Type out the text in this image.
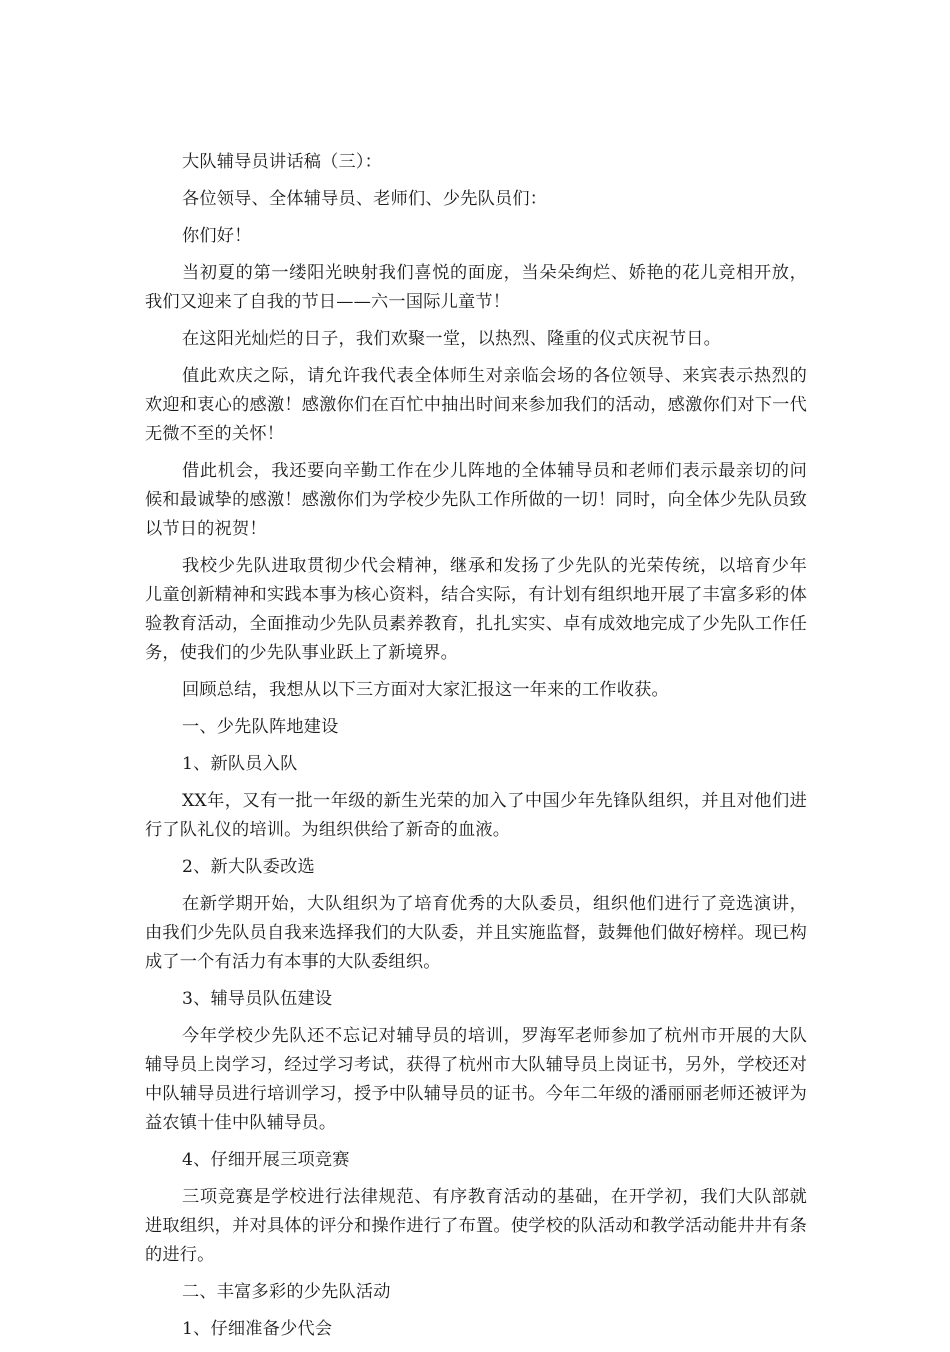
大队辅导员讲话稿（三）：

各位领导、全体辅导员、老师们、少先队员们：

你们好！

当初夏的第一缕阳光映射我们喜悦的面庞，当朵朵绚烂、娇艳的花儿竞相开放，我们又迎来了自我的节日——六一国际儿童节！

在这阳光灿烂的日子，我们欢聚一堂，以热烈、隆重的仪式庆祝节日。

值此欢庆之际，请允许我代表全体师生对亲临会场的各位领导、来宾表示热烈的欢迎和衷心的感激！感激你们在百忙中抽出时间来参加我们的活动，感激你们对下一代无微不至的关怀！

借此机会，我还要向辛勤工作在少儿阵地的全体辅导员和老师们表示最亲切的问候和最诚挚的感激！感激你们为学校少先队工作所做的一切！同时，向全体少先队员致以节日的祝贺！

我校少先队进取贯彻少代会精神，继承和发扬了少先队的光荣传统，以培育少年儿童创新精神和实践本事为核心资料，结合实际，有计划有组织地开展了丰富多彩的体验教育活动，全面推动少先队员素养教育，扎扎实实、卓有成效地完成了少先队工作任务，使我们的少先队事业跃上了新境界。

回顾总结，我想从以下三方面对大家汇报这一年来的工作收获。

一、少先队阵地建设

1、新队员入队

XX年，又有一批一年级的新生光荣的加入了中国少年先锋队组织，并且对他们进行了队礼仪的培训。为组织供给了新奇的血液。

2、新大队委改选

在新学期开始，大队组织为了培育优秀的大队委员，组织他们进行了竞选演讲，由我们少先队员自我来选择我们的大队委，并且实施监督，鼓舞他们做好榜样。现已构成了一个有活力有本事的大队委组织。

3、辅导员队伍建设

今年学校少先队还不忘记对辅导员的培训，罗海军老师参加了杭州市开展的大队辅导员上岗学习，经过学习考试，获得了杭州市大队辅导员上岗证书，另外，学校还对中队辅导员进行培训学习，授予中队辅导员的证书。今年二年级的潘丽丽老师还被评为益农镇十佳中队辅导员。

4、仔细开展三项竞赛

三项竞赛是学校进行法律规范、有序教育活动的基础，在开学初，我们大队部就进取组织，并对具体的评分和操作进行了布置。使学校的队活动和教学活动能井井有条的进行。

二、丰富多彩的少先队活动

1、仔细准备少代会
